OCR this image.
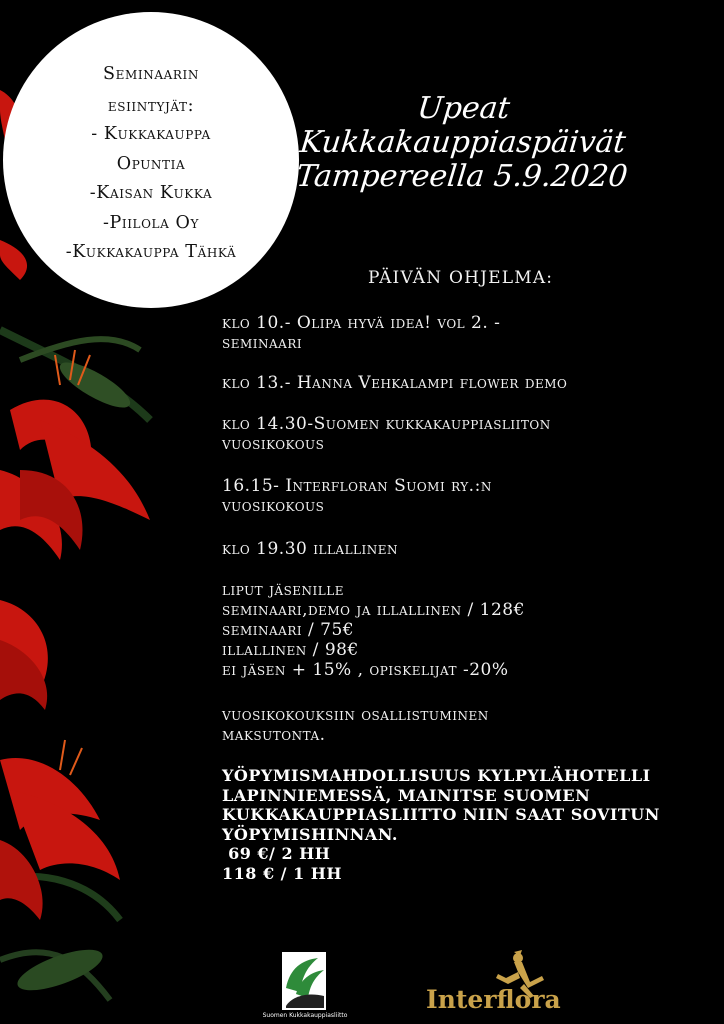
Seminaarin
esiintyjät:
- Kukkakauppa
Opuntia
-Kaisan Kukka
-Piilola Oy
-Kukkakauppa Tähkä
Upeat
Kukkakauppiaspäivät
Tampereella 5.9.2020
PÄIVÄN OHJELMA:
klo 10.- Olipa hyvä idea! vol 2. -
seminaari
klo 13.- Hanna Vehkalampi flower demo
klo 14.30-Suomen kukkakauppiasliiton
vuosikokous
16.15- Interfloran Suomi ry.:n
vuosikokous
klo 19.30 illallinen
liput jäsenille
seminaari,demo ja illallinen / 128€
seminaari / 75€
illallinen / 98€
ei jäsen + 15% , opiskelijat -20%
vuosikokouksiin osallistuminen
maksutonta.
YÖPYMISMAHDOLLISUUS KYLPYLÄHOTELLI
LAPINNIEMESSÄ, MAINITSE SUOMEN
KUKKAKAUPPIASLIITTO NIIN SAAT SOVITUN
YÖPYMISHINNAN.
69 €/ 2 HH
118 € / 1 HH
Suomen Kukkakauppiasliitto
Interflora
